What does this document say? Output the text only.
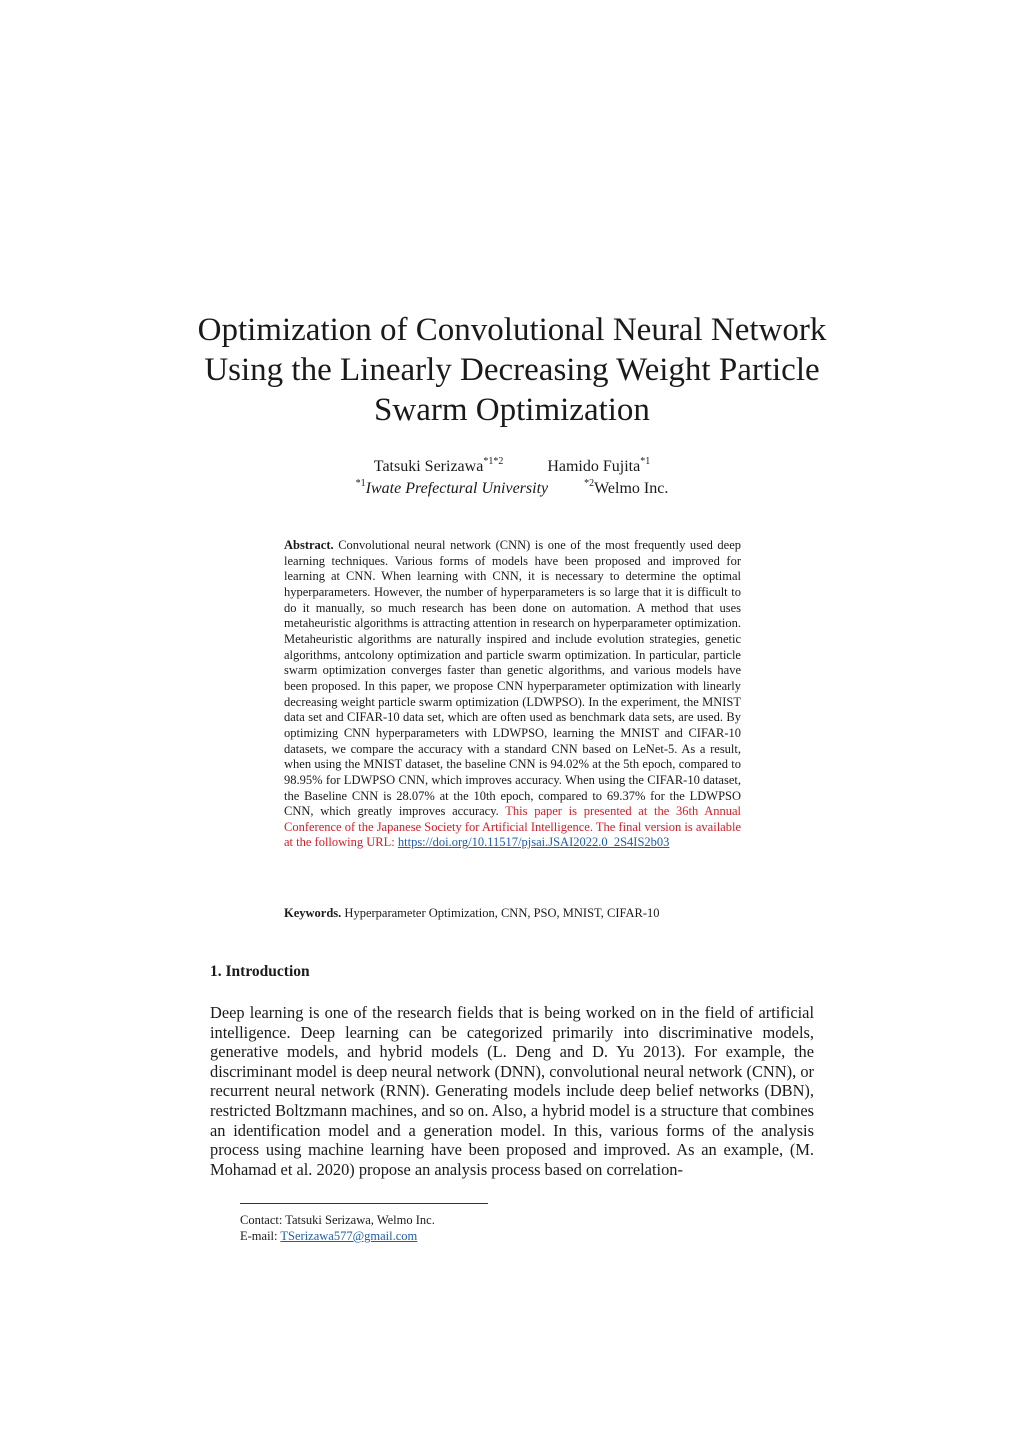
Optimization of Convolutional Neural Network Using the Linearly Decreasing Weight Particle Swarm Optimization
Tatsuki Serizawa$^{*1*2}$	Hamido Fujita$^{*1}$
$^{*1}$Iwate Prefectural University	$^{*2}$Welmo Inc.
Abstract. Convolutional neural network (CNN) is one of the most frequently used deep learning techniques. Various forms of models have been proposed and improved for learning at CNN. When learning with CNN, it is necessary to determine the optimal hyperparameters. However, the number of hyperparameters is so large that it is difficult to do it manually, so much research has been done on automation. A method that uses metaheuristic algorithms is attracting attention in research on hyperparameter optimization. Metaheuristic algorithms are naturally inspired and include evolution strategies, genetic algorithms, antcolony optimization and particle swarm optimization. In particular, particle swarm optimization converges faster than genetic algorithms, and various models have been proposed. In this paper, we propose CNN hyperparameter optimization with linearly decreasing weight particle swarm optimization (LDWPSO). In the experiment, the MNIST data set and CIFAR-10 data set, which are often used as benchmark data sets, are used. By optimizing CNN hyperparameters with LDWPSO, learning the MNIST and CIFAR-10 datasets, we compare the accuracy with a standard CNN based on LeNet-5. As a result, when using the MNIST dataset, the baseline CNN is 94.02% at the 5th epoch, compared to 98.95% for LDWPSO CNN, which improves accuracy. When using the CIFAR-10 dataset, the Baseline CNN is 28.07% at the 10th epoch, compared to 69.37% for the LDWPSO CNN, which greatly improves accuracy. This paper is presented at the 36th Annual Conference of the Japanese Society for Artificial Intelligence. The final version is available at the following URL: https://doi.org/10.11517/pjsai.JSAI2022.0_2S4IS2b03
Keywords. Hyperparameter Optimization, CNN, PSO, MNIST, CIFAR-10
1. Introduction

Deep learning is one of the research fields that is being worked on in the field of artificial intelligence. Deep learning can be categorized primarily into discriminative models, generative models, and hybrid models (L. Deng and D. Yu 2013). For example, the discriminant model is deep neural network (DNN), convolutional neural network (CNN), or recurrent neural network (RNN). Generating models include deep belief networks (DBN), restricted Boltzmann machines, and so on. Also, a hybrid model is a structure that combines an identification model and a generation model. In this, various forms of the analysis process using machine learning have been proposed and improved. As an example, (M. Mohamad et al. 2020) propose an analysis process based on correlation-

Contact: Tatsuki Serizawa, Welmo Inc.
E-mail: TSerizawa577@gmail.com
